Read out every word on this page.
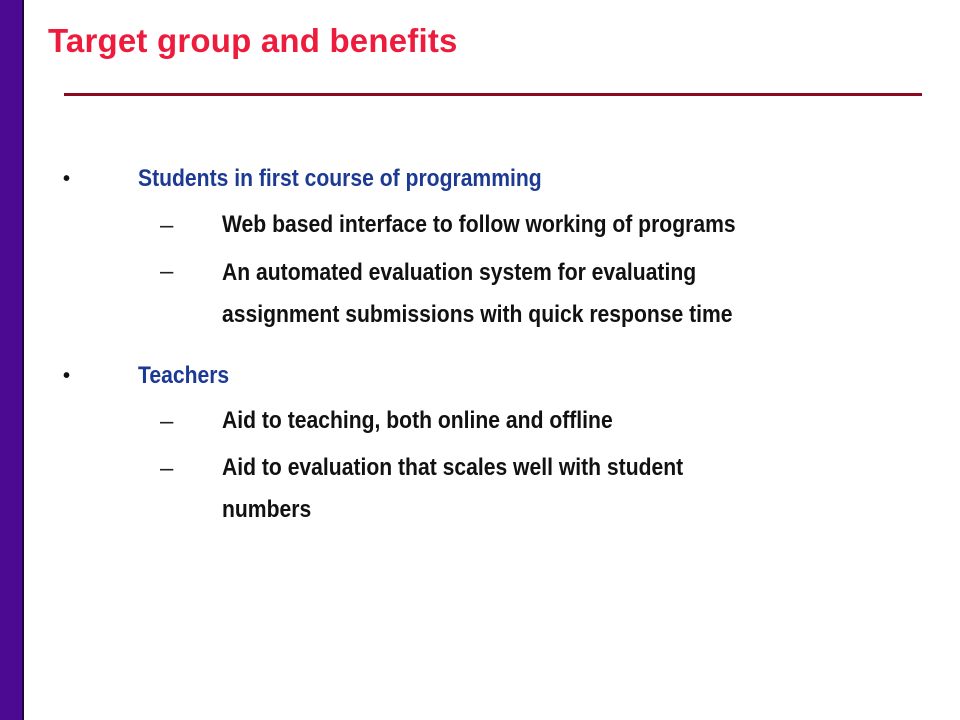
Target group and benefits
•	Students in first course of programming
– Web based interface to follow working of programs
– An automated evaluation system for evaluating
assignment submissions with quick response time
•	Teachers
– Aid to teaching, both online and offline
– Aid to evaluation that scales well with student
numbers
